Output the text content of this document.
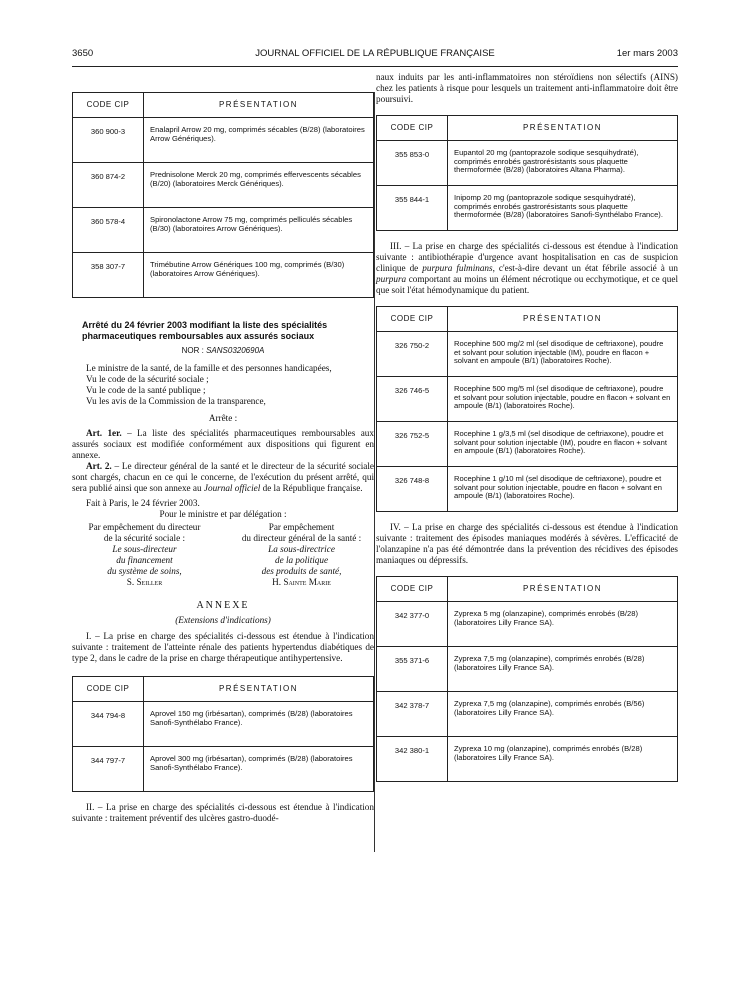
3650	JOURNAL OFFICIEL DE LA RÉPUBLIQUE FRANÇAISE	1er mars 2003
CODE CIP	PRÉSENTATION
360 900-3	Enalapril Arrow 20 mg, comprimés sécables (B/28) (laboratoires Arrow Génériques).
360 874-2	Prednisolone Merck 20 mg, comprimés effervescents sécables (B/20) (laboratoires Merck Génériques).
360 578-4	Spironolactone Arrow 75 mg, comprimés pelliculés sécables (B/30) (laboratoires Arrow Génériques).
358 307-7	Trimébutine Arrow Génériques 100 mg, comprimés (B/30) (laboratoires Arrow Génériques).
Arrêté du 24 février 2003 modifiant la liste des spécialités pharmaceutiques remboursables aux assurés sociaux
NOR : SANS0320690A

Le ministre de la santé, de la famille et des personnes handicapées,

Vu le code de la sécurité sociale ;

Vu le code de la santé publique ;

Vu les avis de la Commission de la transparence,

Arrête :

Art. 1er. – La liste des spécialités pharmaceutiques remboursables aux assurés sociaux est modifiée conformément aux dispositions qui figurent en annexe.

Art. 2. – Le directeur général de la santé et le directeur de la sécurité sociale sont chargés, chacun en ce qui le concerne, de l'exécution du présent arrêté, qui sera publié ainsi que son annexe au Journal officiel de la République française.

Fait à Paris, le 24 février 2003.

Pour le ministre et par délégation :

Par empêchement du directeur
de la sécurité sociale :
Le sous-directeur
du financement
du système de soins,
S. Seiller
Par empêchement
du directeur général de la santé :
La sous-directrice
de la politique
des produits de santé,
H. Sainte Marie
ANNEXE
(Extensions d'indications)

I. – La prise en charge des spécialités ci-dessous est étendue à l'indication suivante : traitement de l'atteinte rénale des patients hypertendus diabétiques de type 2, dans le cadre de la prise en charge thérapeutique antihypertensive.

CODE CIP	PRÉSENTATION
344 794-8	Aprovel 150 mg (irbésartan), comprimés (B/28) (laboratoires Sanofi-Synthélabo France).
344 797-7	Aprovel 300 mg (irbésartan), comprimés (B/28) (laboratoires Sanofi-Synthélabo France).

II. – La prise en charge des spécialités ci-dessous est étendue à l'indication suivante : traitement préventif des ulcères gastro-duodé-

naux induits par les anti-inflammatoires non stéroïdiens non sélectifs (AINS) chez les patients à risque pour lesquels un traitement anti-inflammatoire doit être poursuivi.

CODE CIP	PRÉSENTATION
355 853-0	Eupantol 20 mg (pantoprazole sodique sesquihydraté), comprimés enrobés gastrorésistants sous plaquette thermoformée (B/28) (laboratoires Altana Pharma).
355 844-1	Inipomp 20 mg (pantoprazole sodique sesquihydraté), comprimés enrobés gastrorésistants sous plaquette thermoformée (B/28) (laboratoires Sanofi-Synthélabo France).

III. – La prise en charge des spécialités ci-dessous est étendue à l'indication suivante : antibiothérapie d'urgence avant hospitalisation en cas de suspicion clinique de purpura fulminans, c'est-à-dire devant un état fébrile associé à un purpura comportant au moins un élément nécrotique ou ecchymotique, et ce quel que soit l'état hémodynamique du patient.

CODE CIP	PRÉSENTATION
326 750-2	Rocephine 500 mg/2 ml (sel disodique de ceftriaxone), poudre et solvant pour solution injectable (IM), poudre en flacon + solvant en ampoule (B/1) (laboratoires Roche).
326 746-5	Rocephine 500 mg/5 ml (sel disodique de ceftriaxone), poudre et solvant pour solution injectable, poudre en flacon + solvant en ampoule (B/1) (laboratoires Roche).
326 752-5	Rocephine 1 g/3,5 ml (sel disodique de ceftriaxone), poudre et solvant pour solution injectable (IM), poudre en flacon + solvant en ampoule (B/1) (laboratoires Roche).
326 748-8	Rocephine 1 g/10 ml (sel disodique de ceftriaxone), poudre et solvant pour solution injectable, poudre en flacon + solvant en ampoule (B/1) (laboratoires Roche).

IV. – La prise en charge des spécialités ci-dessous est étendue à l'indication suivante : traitement des épisodes maniaques modérés à sévères. L'efficacité de l'olanzapine n'a pas été démontrée dans la prévention des récidives des épisodes maniaques ou dépressifs.

CODE CIP	PRÉSENTATION
342 377-0	Zyprexa 5 mg (olanzapine), comprimés enrobés (B/28) (laboratoires Lilly France SA).
355 371-6	Zyprexa 7,5 mg (olanzapine), comprimés enrobés (B/28) (laboratoires Lilly France SA).
342 378-7	Zyprexa 7,5 mg (olanzapine), comprimés enrobés (B/56) (laboratoires Lilly France SA).
342 380-1	Zyprexa 10 mg (olanzapine), comprimés enrobés (B/28) (laboratoires Lilly France SA).
